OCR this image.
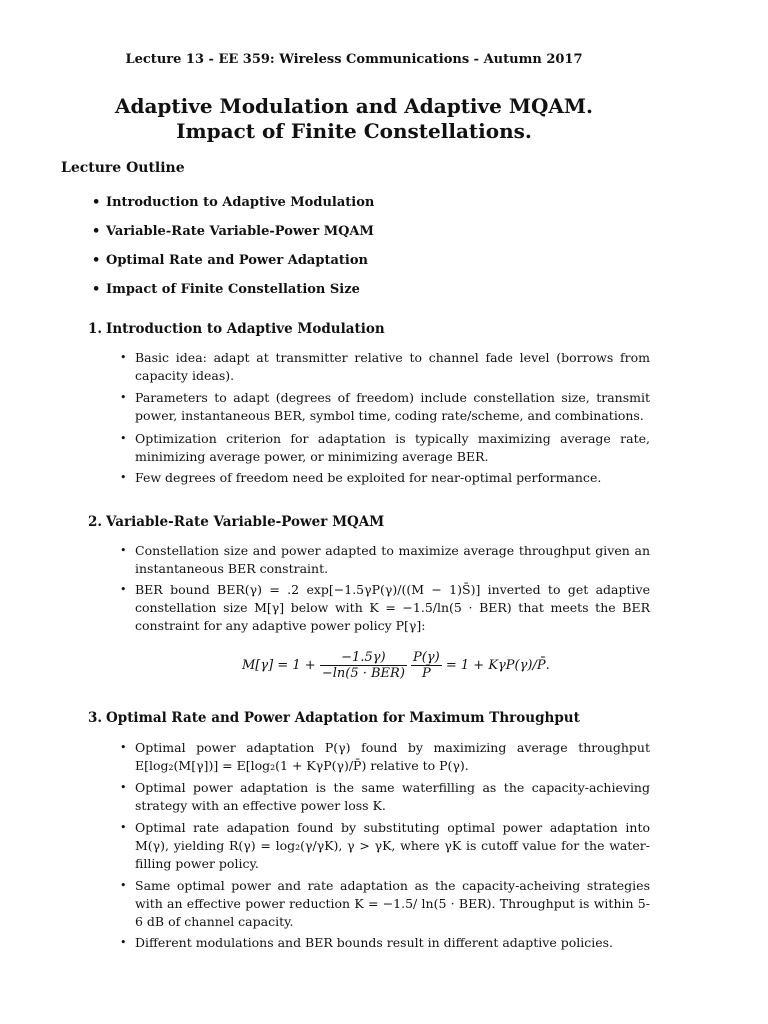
Lecture 13 - EE 359: Wireless Communications - Autumn 2017
Adaptive Modulation and Adaptive MQAM.
Impact of Finite Constellations.
Lecture Outline
• Introduction to Adaptive Modulation
• Variable-Rate Variable-Power MQAM
• Optimal Rate and Power Adaptation
• Impact of Finite Constellation Size
1. Introduction to Adaptive Modulation
• Basic idea: adapt at transmitter relative to channel fade level (borrows from capacity ideas).
• Parameters to adapt (degrees of freedom) include constellation size, transmit power, instantaneous BER, symbol time, coding rate/scheme, and combinations.
• Optimization criterion for adaptation is typically maximizing average rate, minimizing average power, or minimizing average BER.
• Few degrees of freedom need be exploited for near-optimal performance.
2. Variable-Rate Variable-Power MQAM
• Constellation size and power adapted to maximize average throughput given an instantaneous BER constraint.
• BER bound BER(γ) = .2 exp[−1.5γP(γ)/((M − 1)S̄)] inverted to get adaptive constellation size M[γ] below with K = −1.5/ln(5 · BER) that meets the BER constraint for any adaptive power policy P[γ]:
$M[\gamma] = 1 + \frac{-1.5\gamma)}{\text{−ln(5 · BER)}}$
$\frac{P(\gamma)}{P̄} = 1$ + KγP(γ)/P̄.
3. Optimal Rate and Power Adaptation for Maximum Throughput
• Optimal power adaptation P(γ) found by maximizing average throughput E[log₂(M[γ])] = E[log₂(1 + KγP(γ)/P̄) relative to P(γ).
• Optimal power adaptation is the same waterfilling as the capacity-achieving strategy with an effective power loss K.
• Optimal rate adapation found by substituting optimal power adaptation into M(γ), yielding R(γ) = log₂(γ/γK), γ > γK, where γK is cutoff value for the water-filling power policy.
• Same optimal power and rate adaptation as the capacity-acheiving strategies with an effective power reduction K = −1.5/ ln(5 · BER). Throughput is within 5-6 dB of channel capacity.
• Different modulations and BER bounds result in different adaptive policies.
